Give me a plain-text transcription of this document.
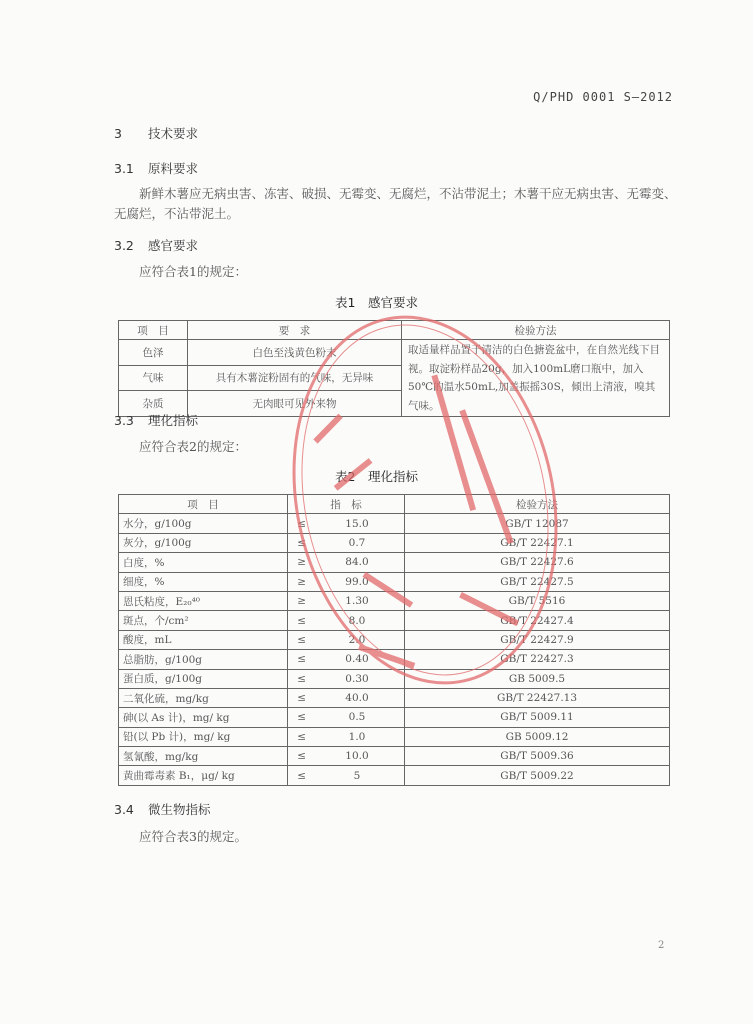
Q/PHD 0001 S—2012
3 技术要求
3.1 原料要求
新鲜木薯应无病虫害、冻害、破损、无霉变、无腐烂，不沾带泥土；木薯干应无病虫害、无霉变、
无腐烂，不沾带泥土。
3.2 感官要求
应符合表1的规定：
表1　感官要求
项　目	要　求	检验方法
色泽	白色至浅黄色粉末	取适量样品置于清洁的白色搪瓷盆中，在自然光线下目视。取淀粉样品20g，加入100mL磨口瓶中，加入50℃的温水50mL,加盖振摇30S，倾出上清液，嗅其气味。
气味	具有木薯淀粉固有的气味，无异味	
杂质	无肉眼可见外来物	
3.3 理化指标
应符合表2的规定：
表2　理化指标
项　目	指　标		检验方法
水分，g/100g	≤	15.0	GB/T 12087
灰分，g/100g	≤	0.7	GB/T 22427.1
白度，%	≥	84.0	GB/T 22427.6
细度，%	≥	99.0	GB/T 22427.5
恩氏粘度，E₂₀⁴⁰	≥	1.30	GB/T 5516
斑点，个/cm²	≤	8.0	GB/T 22427.4
酸度，mL	≤	2.0	GB/T 22427.9
总脂肪，g/100g	≤	0.40	GB/T 22427.3
蛋白质，g/100g	≤	0.30	GB 5009.5
二氧化硫，mg/kg	≤	40.0	GB/T 22427.13
砷(以 As 计)，mg/ kg	≤	0.5	GB/T 5009.11
铅(以 Pb 计)，mg/ kg	≤	1.0	GB 5009.12
氢氰酸，mg/kg	≤	10.0	GB/T 5009.36
黄曲霉毒素 B₁，μg/ kg	≤	5	GB/T 5009.22
3.4 微生物指标
应符合表3的规定。
2
